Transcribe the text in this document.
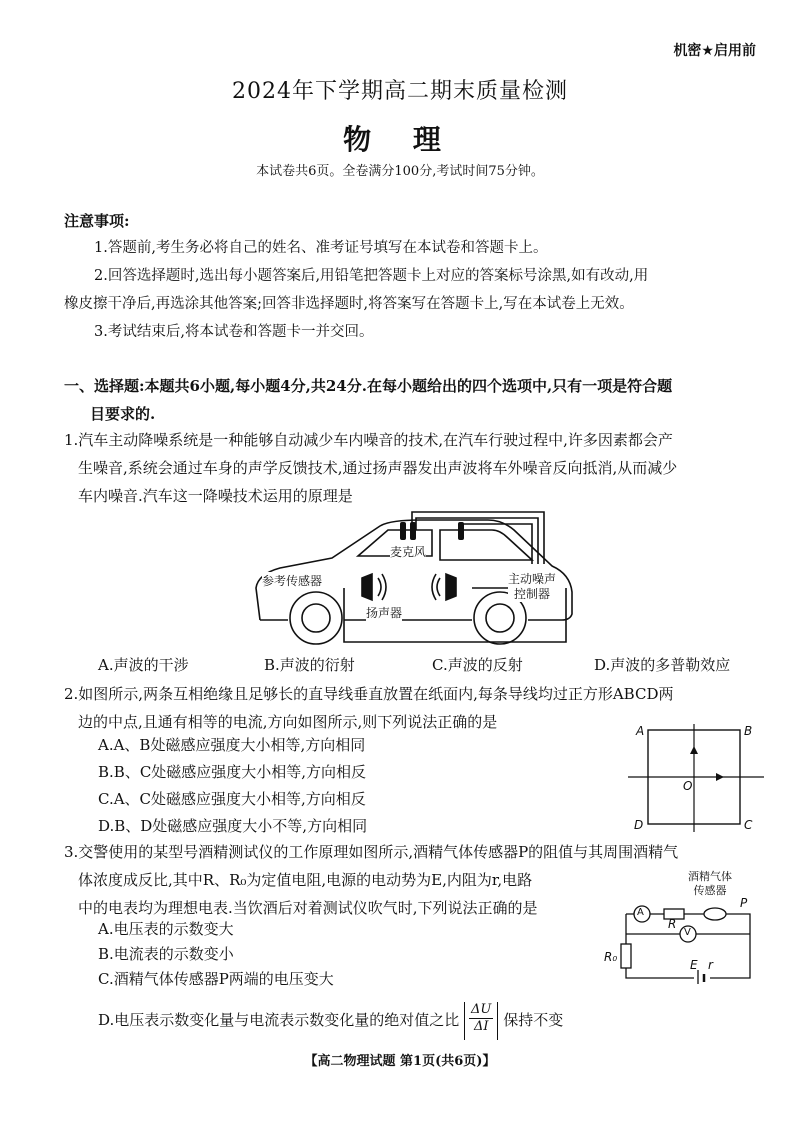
机密★启用前
2024年下学期高二期末质量检测
物 理
本试卷共6页。全卷满分100分,考试时间75分钟。
注意事项:
1.答题前,考生务必将自己的姓名、准考证号填写在本试卷和答题卡上。
2.回答选择题时,选出每小题答案后,用铅笔把答题卡上对应的答案标号涂黑,如有改动,用
橡皮擦干净后,再选涂其他答案;回答非选择题时,将答案写在答题卡上,写在本试卷上无效。
3.考试结束后,将本试卷和答题卡一并交回。
一、选择题:本题共6小题,每小题4分,共24分.在每小题给出的四个选项中,只有一项是符合题
目要求的.
1.汽车主动降噪系统是一种能够自动减少车内噪音的技术,在汽车行驶过程中,许多因素都会产
生噪音,系统会通过车身的声学反馈技术,通过扬声器发出声波将车外噪音反向抵消,从而减少
车内噪音.汽车这一降噪技术运用的原理是
麦克风
参考传感器
扬声器
主动噪声
控制器
A.声波的干涉	B.声波的衍射	C.声波的反射	D.声波的多普勒效应
2.如图所示,两条互相绝缘且足够长的直导线垂直放置在纸面内,每条导线均过正方形ABCD两
边的中点,且通有相等的电流,方向如图所示,则下列说法正确的是
A.A、B处磁感应强度大小相等,方向相同
B.B、C处磁感应强度大小相等,方向相反
C.A、C处磁感应强度大小相等,方向相反
D.B、D处磁感应强度大小不等,方向相同
A	B
C
D
O
3.交警使用的某型号酒精测试仪的工作原理如图所示,酒精气体传感器P的阻值与其周围酒精气
体浓度成反比,其中R、R₀为定值电阻,电源的电动势为E,内阻为r,电路
中的电表均为理想电表.当饮酒后对着测试仪吹气时,下列说法正确的是
A.电压表的示数变大
B.电流表的示数变小
C.酒精气体传感器P两端的电压变大
D.电压表示数变化量与电流表示数变化量的绝对值之比 $\frac{\Delta U}{\Delta I}$ 保持不变
酒精气体
传感器
A
V
R
P
R₀
E r
【高二物理试题 第1页(共6页)】
